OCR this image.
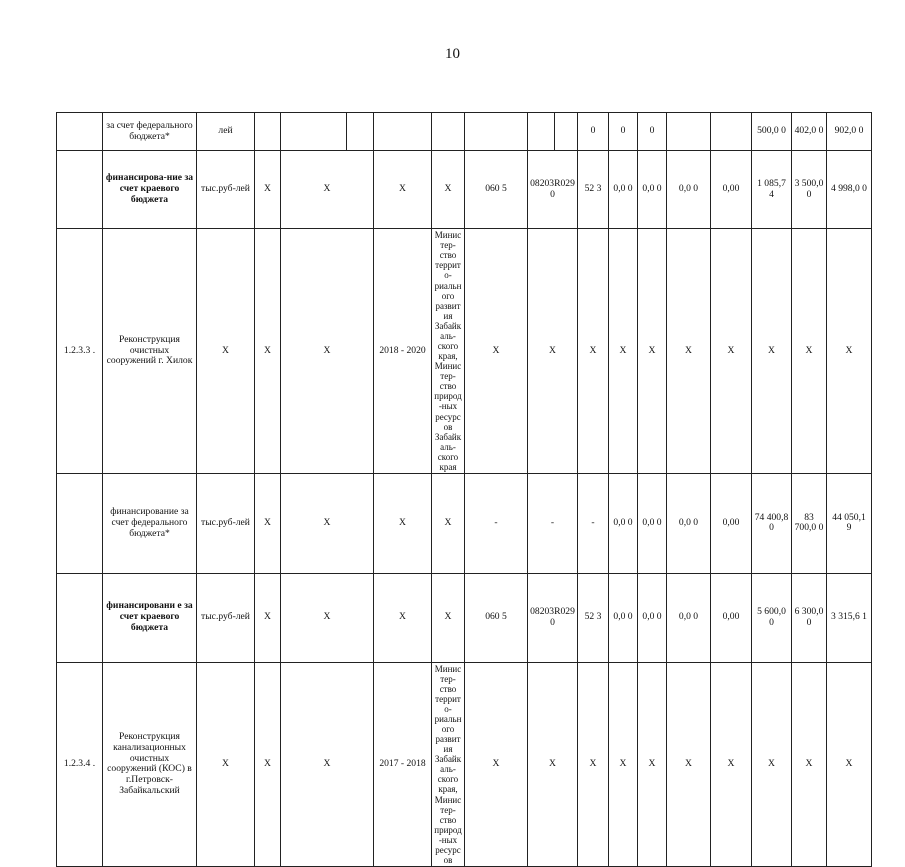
10
	за счет федерального бюджета*	лей									0	0	0			500,0 0	402,0 0	902,0 0	
	финансирова-ние за счет краевого бюджета	тыс.руб-лей	Х	Х		Х	Х	060 5	08203R029 0		52 3	0,0 0	0,0 0	0,0 0	0,00	1 085,7 4	3 500,0 0	4 998,0 0	
1.2.3.3 .	Реконструкция очистных сооружений г. Хилок	Х	Х	Х		2018 - 2020	Министер-ство террито-риального развития Забайкаль-ского края, Министер-ство природ-ных ресурсов Забайкаль-ского края	Х	Х		Х	Х	Х	Х	Х	Х	Х	Х	
	финансирование за счет федерального бюджета*	тыс.руб-лей	Х	Х		Х	Х	-	-		-	0,0 0	0,0 0	0,0 0	0,00	74 400,8 0	83 700,0 0	44 050,1 9	
	финансировани е за счет краевого бюджета	тыс.руб-лей	Х	Х		Х	Х	060 5	08203R029 0		52 3	0,0 0	0,0 0	0,0 0	0,00	5 600,0 0	6 300,0 0	3 315,6 1	
1.2.3.4 .	Реконструкция канализационных очистных сооружений (КОС) в г.Петровск-Забайкальский	Х	Х	Х		2017 - 2018	Министер-ство террито-риального развития Забайкаль-ского края, Министер-ство природ-ных ресурсов	Х	Х		Х	Х	Х	Х	Х	Х	Х	Х	
